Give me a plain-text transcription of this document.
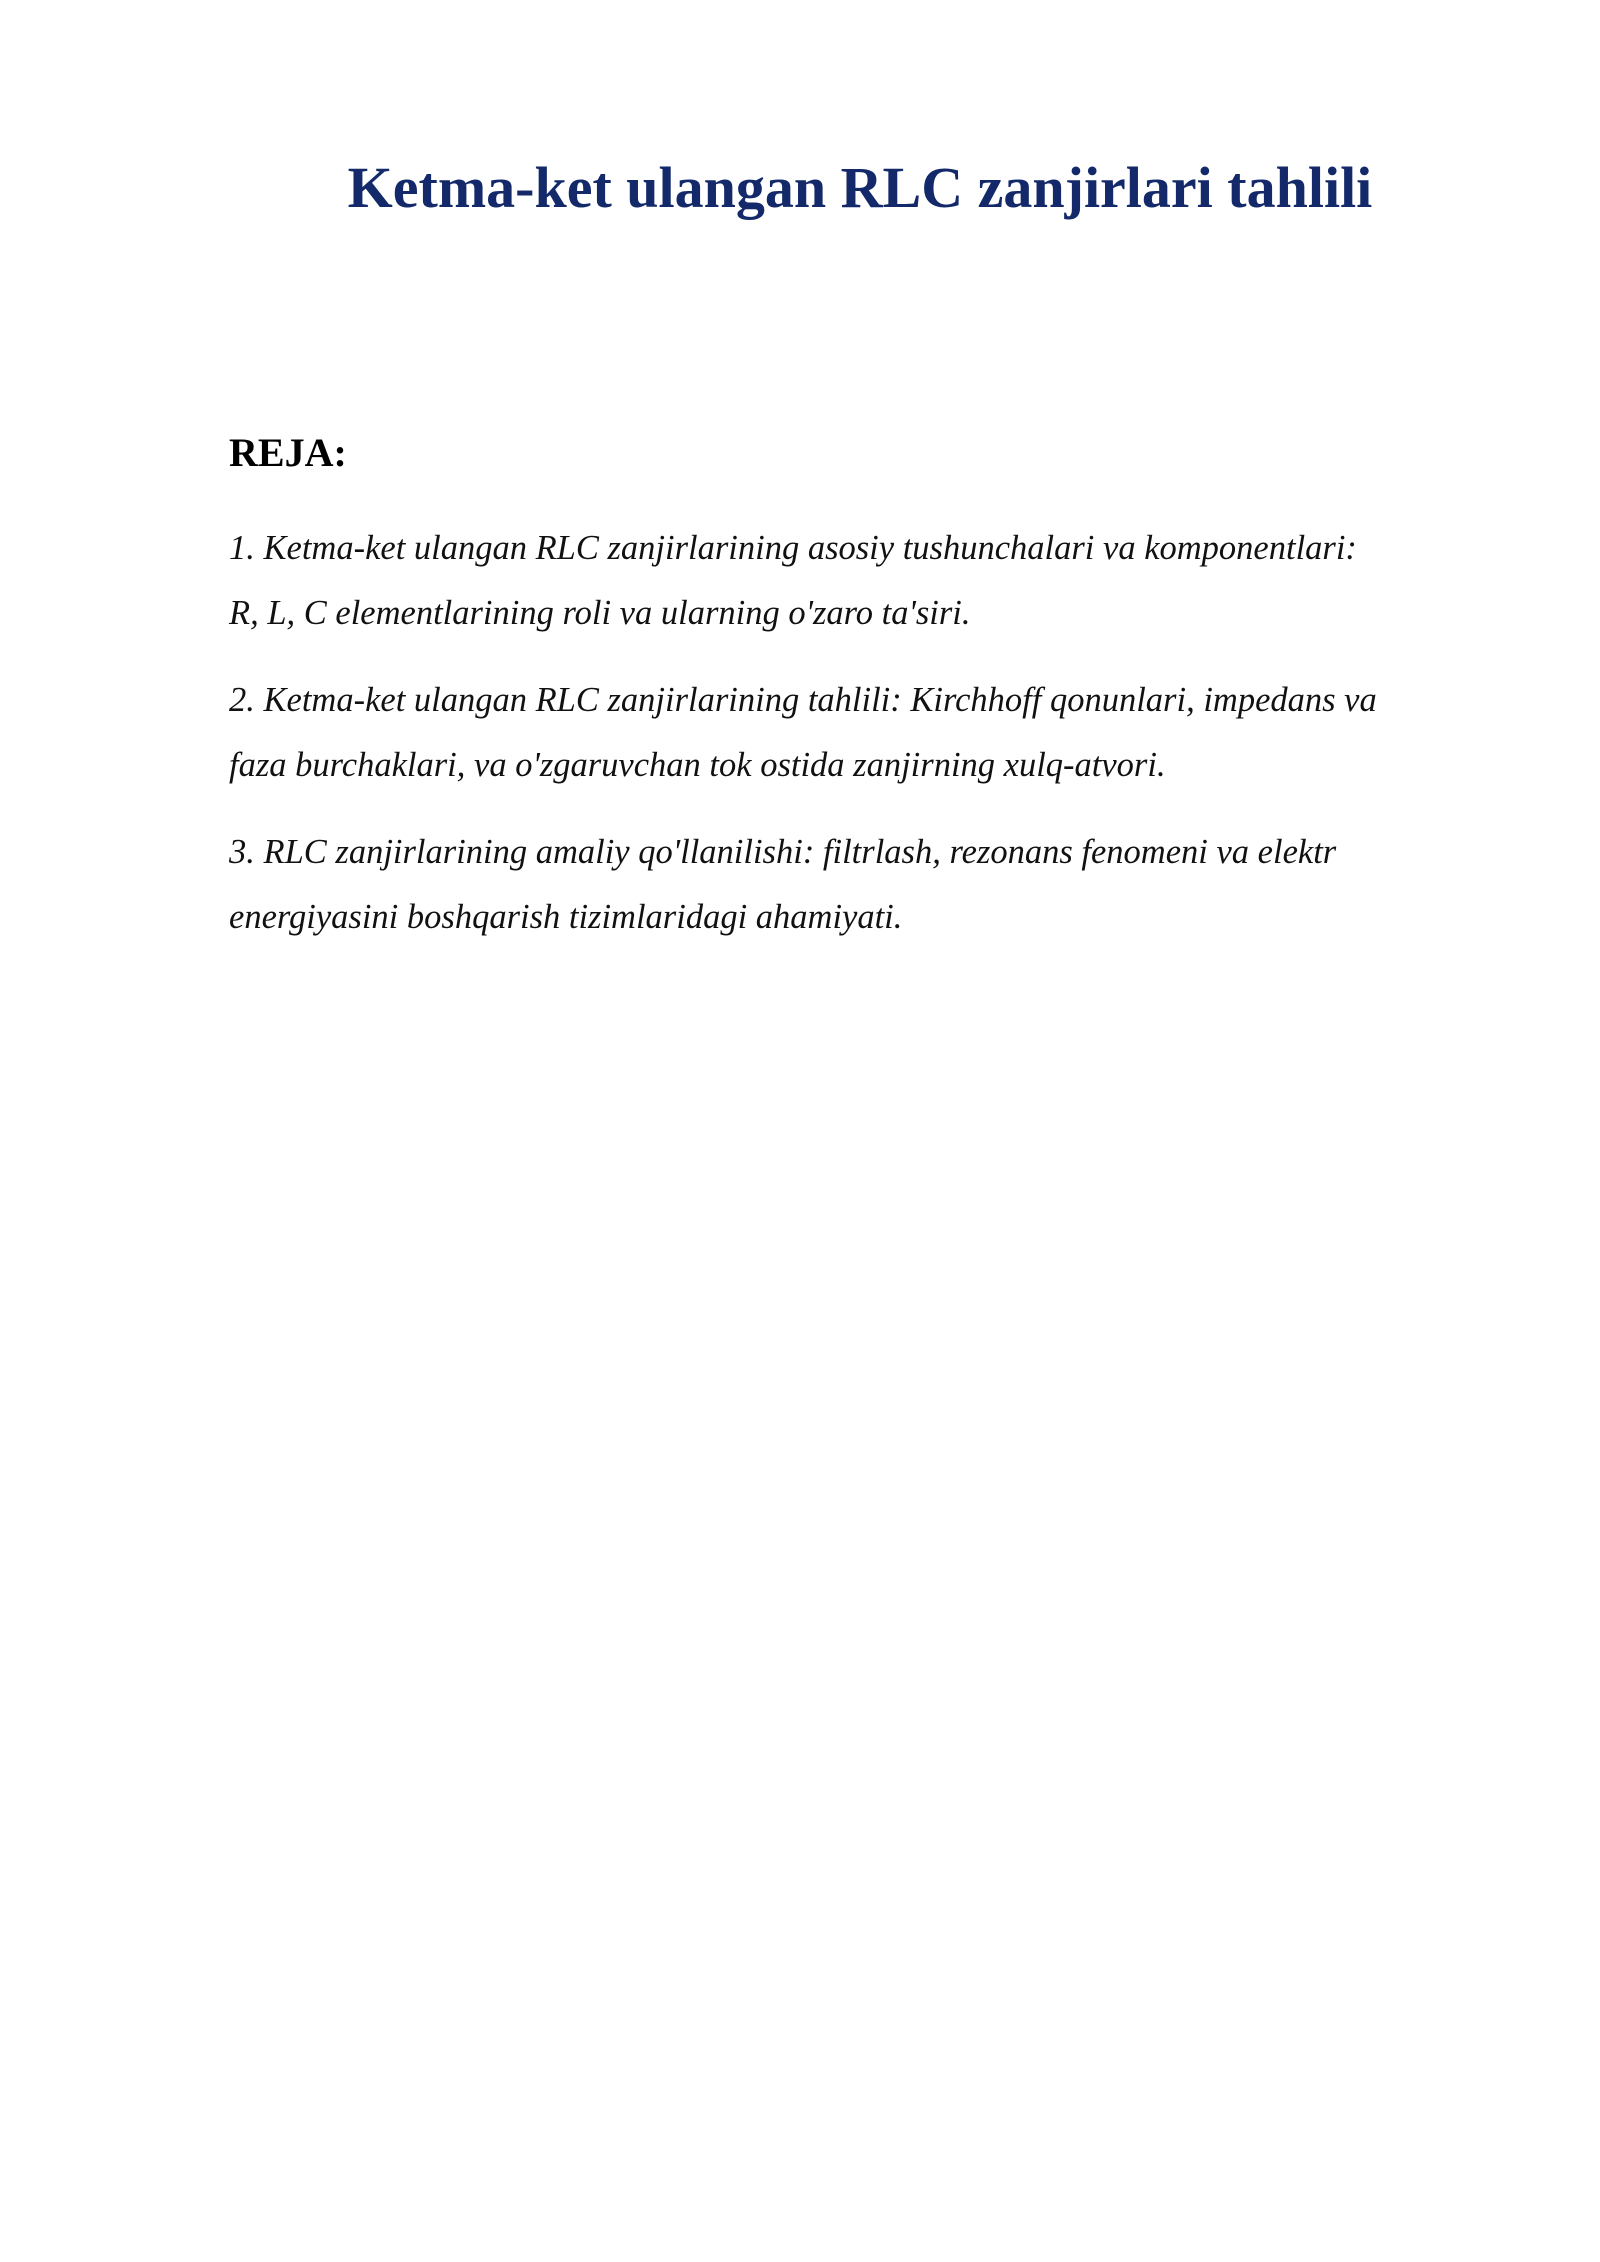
Ketma-ket ulangan RLC zanjirlari tahlili
REJA:
1. Ketma-ket ulangan RLC zanjirlarining asosiy tushunchalari va komponentlari:
R, L, C elementlarining roli va ularning o'zaro ta'siri.
2. Ketma-ket ulangan RLC zanjirlarining tahlili: Kirchhoff qonunlari, impedans va
faza burchaklari, va o'zgaruvchan tok ostida zanjirning xulq-atvori.
3. RLC zanjirlarining amaliy qo'llanilishi: filtrlash, rezonans fenomeni va elektr
energiyasini boshqarish tizimlaridagi ahamiyati.
